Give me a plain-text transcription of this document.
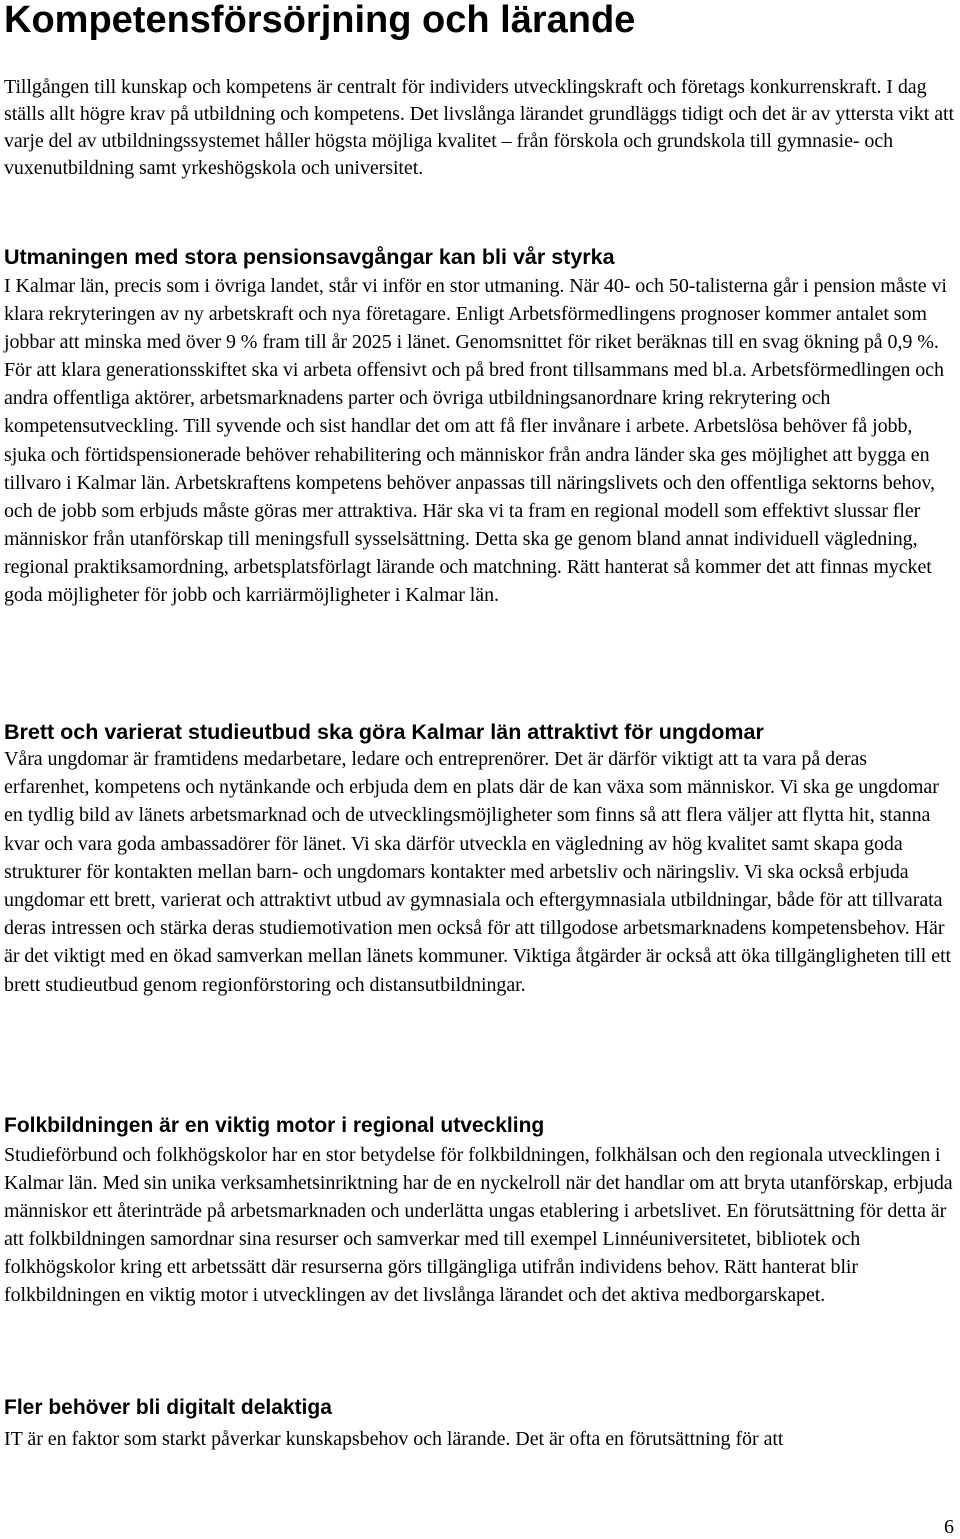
Kompetensförsörjning och lärande

Tillgången till kunskap och kompetens är centralt för individers utvecklingskraft och företags konkurrenskraft. I dag ställs allt högre krav på utbildning och kompetens. Det livslånga lärandet grundläggs tidigt och det är av yttersta vikt att varje del av utbildningssystemet håller högsta möjliga kvalitet – från förskola och grundskola till gymnasie- och vuxenutbildning samt yrkeshögskola och universitet.

Utmaningen med stora pensionsavgångar kan bli vår styrka

I Kalmar län, precis som i övriga landet, står vi inför en stor utmaning. När 40- och 50-talisterna går i pension måste vi klara rekryteringen av ny arbetskraft och nya företagare. Enligt Arbetsförmedlingens prognoser kommer antalet som jobbar att minska med över 9 % fram till år 2025 i länet. Genomsnittet för riket beräknas till en svag ökning på 0,9 %. För att klara generationsskiftet ska vi arbeta offensivt och på bred front tillsammans med bl.a. Arbetsförmedlingen och andra offentliga aktörer, arbetsmarknadens parter och övriga utbildningsanordnare kring rekrytering och kompetensutveckling. Till syvende och sist handlar det om att få fler invånare i arbete. Arbetslösa behöver få jobb, sjuka och förtidspensionerade behöver rehabilitering och människor från andra länder ska ges möjlighet att bygga en tillvaro i Kalmar län. Arbetskraftens kompetens behöver anpassas till näringslivets och den offentliga sektorns behov, och de jobb som erbjuds måste göras mer attraktiva. Här ska vi ta fram en regional modell som effektivt slussar fler människor från utanförskap till meningsfull sysselsättning. Detta ska ge genom bland annat individuell vägledning, regional praktiksamordning, arbetsplatsförlagt lärande och matchning. Rätt hanterat så kommer det att finnas mycket goda möjligheter för jobb och karriärmöjligheter i Kalmar län.

Brett och varierat studieutbud ska göra Kalmar län attraktivt för ungdomar

Våra ungdomar är framtidens medarbetare, ledare och entreprenörer. Det är därför viktigt att ta vara på deras erfarenhet, kompetens och nytänkande och erbjuda dem en plats där de kan växa som människor. Vi ska ge ungdomar en tydlig bild av länets arbetsmarknad och de utvecklingsmöjligheter som finns så att flera väljer att flytta hit, stanna kvar och vara goda ambassadörer för länet. Vi ska därför utveckla en vägledning av hög kvalitet samt skapa goda strukturer för kontakten mellan barn- och ungdomars kontakter med arbetsliv och näringsliv. Vi ska också erbjuda ungdomar ett brett, varierat och attraktivt utbud av gymnasiala och eftergymnasiala utbildningar, både för att tillvarata deras intressen och stärka deras studiemotivation men också för att tillgodose arbetsmarknadens kompetensbehov. Här är det viktigt med en ökad samverkan mellan länets kommuner. Viktiga åtgärder är också att öka tillgängligheten till ett brett studieutbud genom regionförstoring och distansutbildningar.

Folkbildningen är en viktig motor i regional utveckling

Studieförbund och folkhögskolor har en stor betydelse för folkbildningen, folkhälsan och den regionala utvecklingen i Kalmar län. Med sin unika verksamhetsinriktning har de en nyckelroll när det handlar om att bryta utanförskap, erbjuda människor ett återinträde på arbetsmarknaden och underlätta ungas etablering i arbetslivet. En förutsättning för detta är att folkbildningen samordnar sina resurser och samverkar med till exempel Linnéuniversitetet, bibliotek och folkhögskolor kring ett arbetssätt där resurserna görs tillgängliga utifrån individens behov. Rätt hanterat blir folkbildningen en viktig motor i utvecklingen av det livslånga lärandet och det aktiva medborgarskapet.

Fler behöver bli digitalt delaktiga

IT är en faktor som starkt påverkar kunskapsbehov och lärande. Det är ofta en förutsättning för att

6
